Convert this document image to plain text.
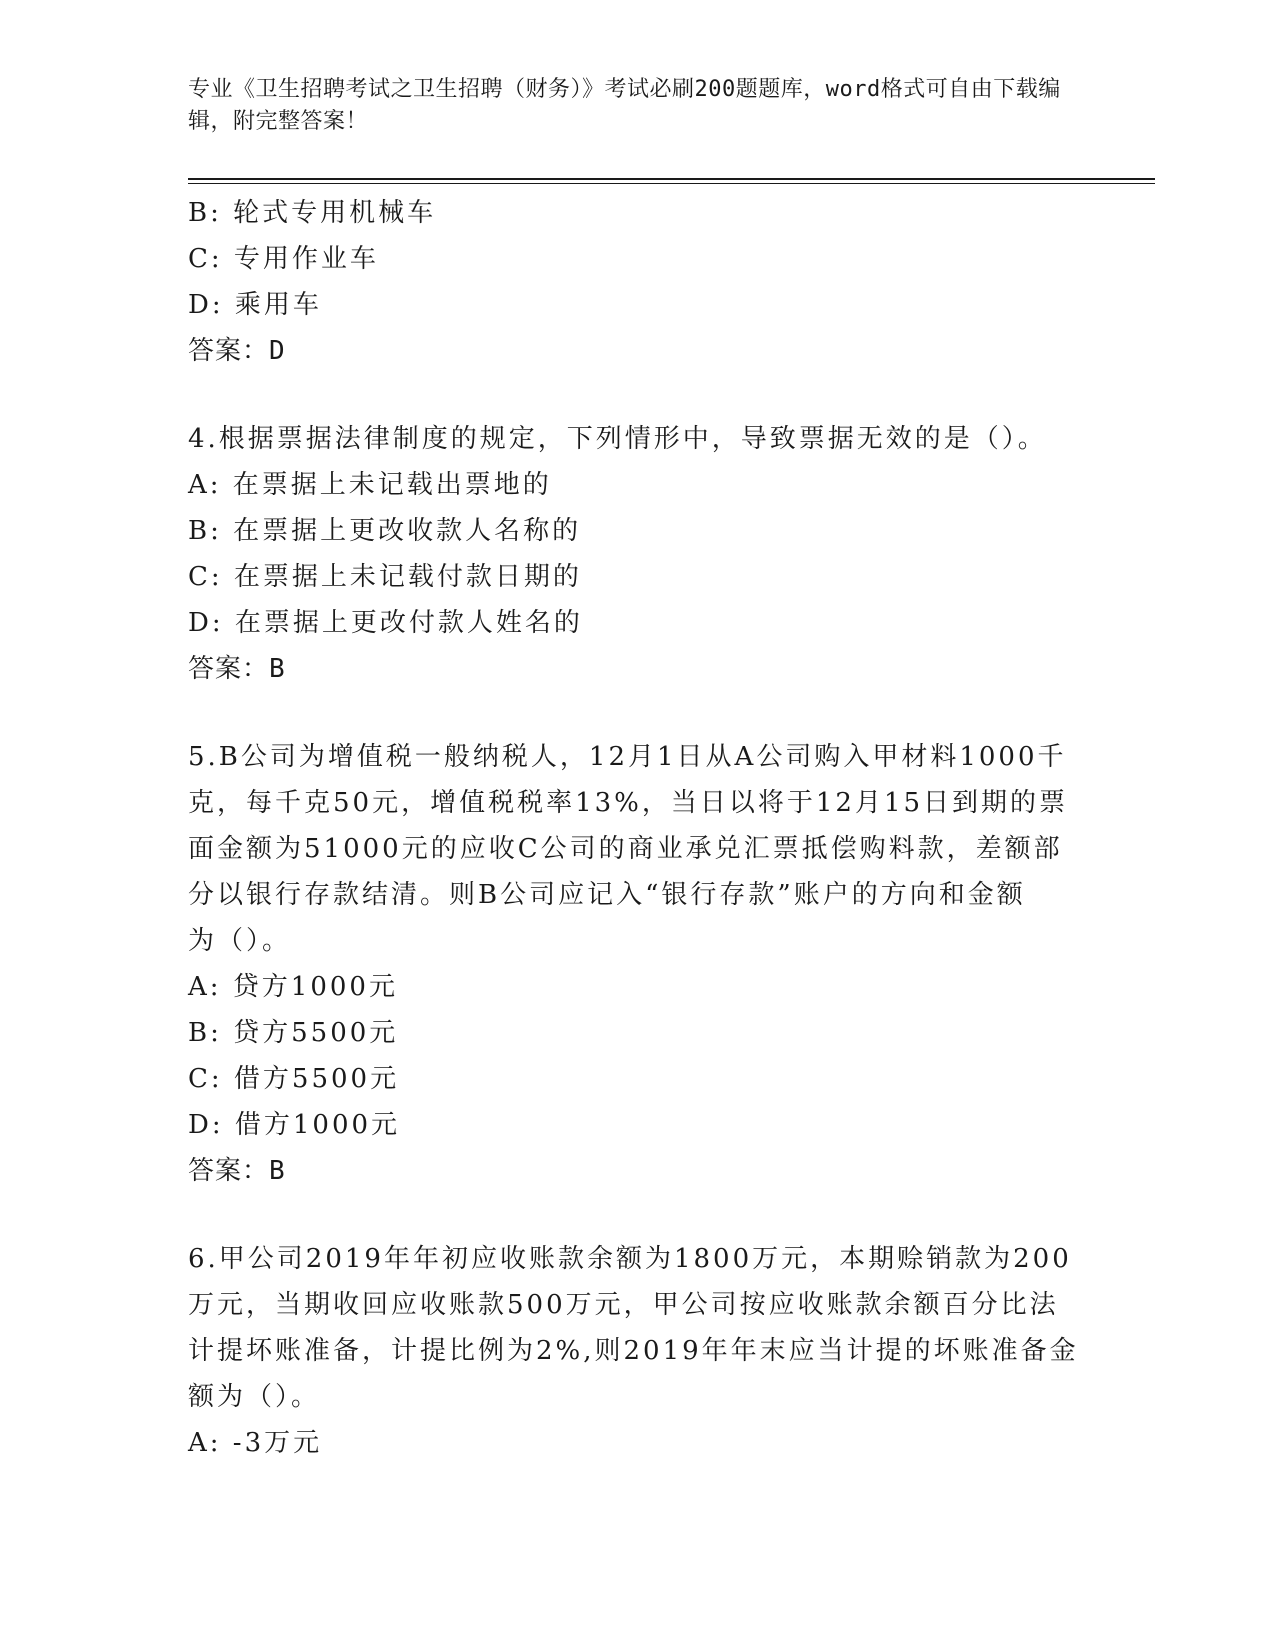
专业《卫生招聘考试之卫生招聘（财务）》考试必刷200题题库，word格式可自由下载编辑，附完整答案！
B: 轮式专用机械车
C: 专用作业车
D: 乘用车
答案：D
4.根据票据法律制度的规定，下列情形中，导致票据无效的是（）。
A: 在票据上未记载出票地的
B: 在票据上更改收款人名称的
C: 在票据上未记载付款日期的
D: 在票据上更改付款人姓名的
答案：B
5.B公司为增值税一般纳税人，12月1日从A公司购入甲材料1000千
克，每千克50元，增值税税率13%，当日以将于12月15日到期的票
面金额为51000元的应收C公司的商业承兑汇票抵偿购料款，差额部
分以银行存款结清。则B公司应记入“银行存款”账户的方向和金额
为（）。
A: 贷方1000元
B: 贷方5500元
C: 借方5500元
D: 借方1000元
答案：B
6.甲公司2019年年初应收账款余额为1800万元，本期赊销款为200
万元，当期收回应收账款500万元，甲公司按应收账款余额百分比法
计提坏账准备，计提比例为2%,则2019年年末应当计提的坏账准备金
额为（）。
A: -3万元
